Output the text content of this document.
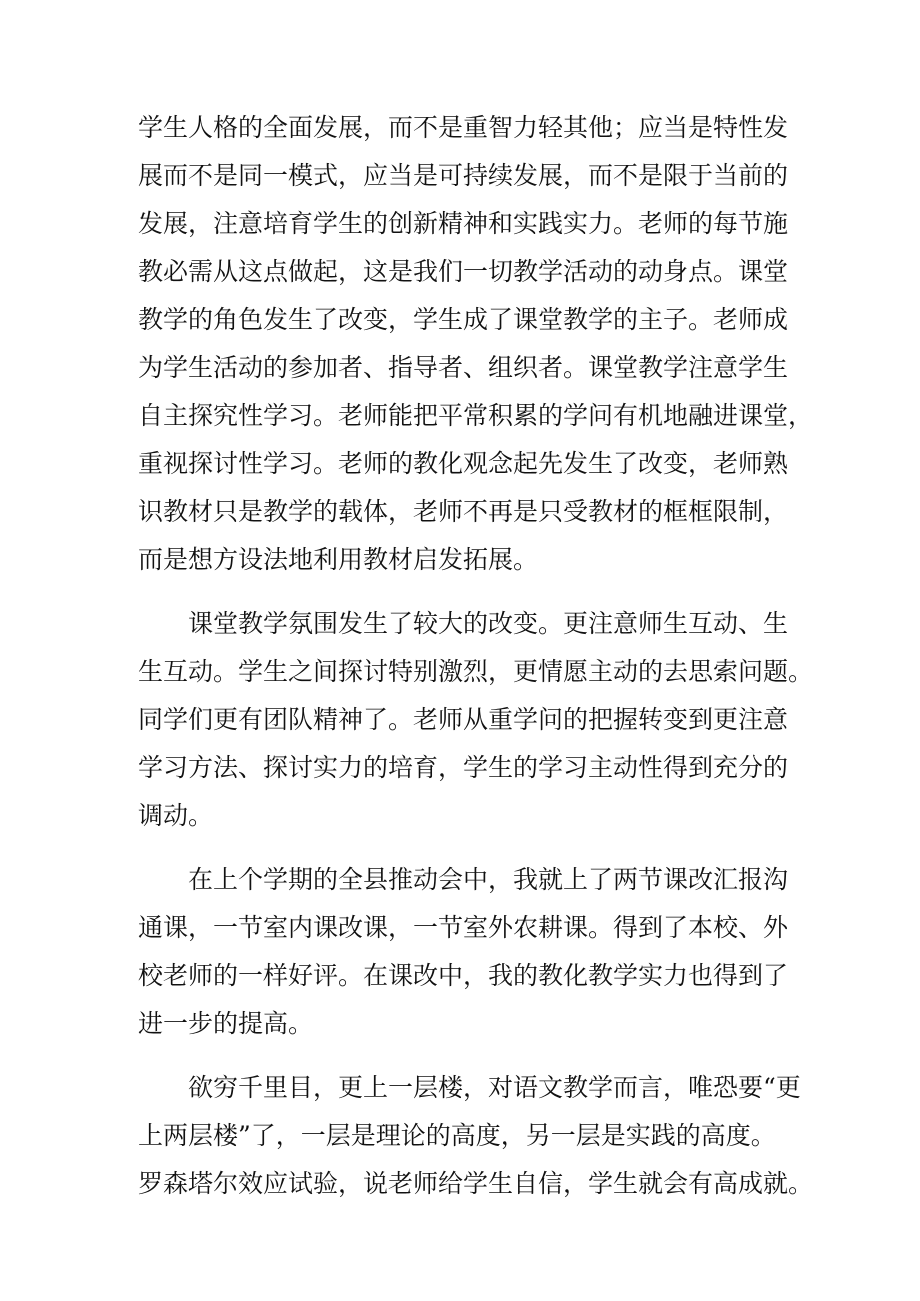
学生人格的全面发展，而不是重智力轻其他；应当是特性发

展而不是同一模式，应当是可持续发展，而不是限于当前的

发展，注意培育学生的创新精神和实践实力。老师的每节施

教必需从这点做起，这是我们一切教学活动的动身点。课堂

教学的角色发生了改变，学生成了课堂教学的主子。老师成

为学生活动的参加者、指导者、组织者。课堂教学注意学生

自主探究性学习。老师能把平常积累的学问有机地融进课堂，

重视探讨性学习。老师的教化观念起先发生了改变，老师熟

识教材只是教学的载体，老师不再是只受教材的框框限制，

而是想方设法地利用教材启发拓展。

课堂教学氛围发生了较大的改变。更注意师生互动、生

生互动。学生之间探讨特别激烈，更情愿主动的去思索问题。

同学们更有团队精神了。老师从重学问的把握转变到更注意

学习方法、探讨实力的培育，学生的学习主动性得到充分的

调动。

在上个学期的全县推动会中，我就上了两节课改汇报沟

通课，一节室内课改课，一节室外农耕课。得到了本校、外

校老师的一样好评。在课改中，我的教化教学实力也得到了

进一步的提高。

欲穷千里目，更上一层楼，对语文教学而言，唯恐要“更

上两层楼”了，一层是理论的高度，另一层是实践的高度。

罗森塔尔效应试验，说老师给学生自信，学生就会有高成就。
